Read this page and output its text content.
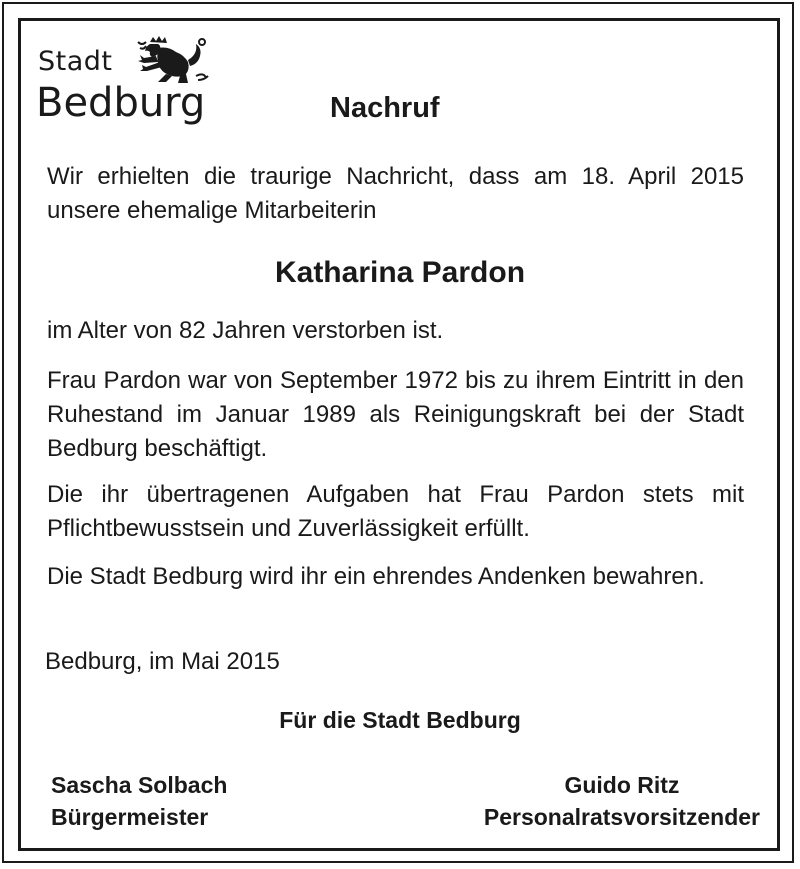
Stadt
Bedburg	Nachruf
Wir erhielten die traurige Nachricht, dass am 18. April 2015 unsere ehemalige Mitarbeiterin
Katharina Pardon
im Alter von 82 Jahren verstorben ist.
Frau Pardon war von September 1972 bis zu ihrem Eintritt in den Ruhestand im Januar 1989 als Reinigungskraft bei der Stadt Bedburg beschäftigt.
Die ihr übertragenen Aufgaben hat Frau Pardon stets mit Pflichtbewusstsein und Zuverlässigkeit erfüllt.
Die Stadt Bedburg wird ihr ein ehrendes Andenken bewahren.
Bedburg, im Mai 2015
Für die Stadt Bedburg
Sascha Solbach
Bürgermeister
Guido Ritz
Personalratsvorsitzender
